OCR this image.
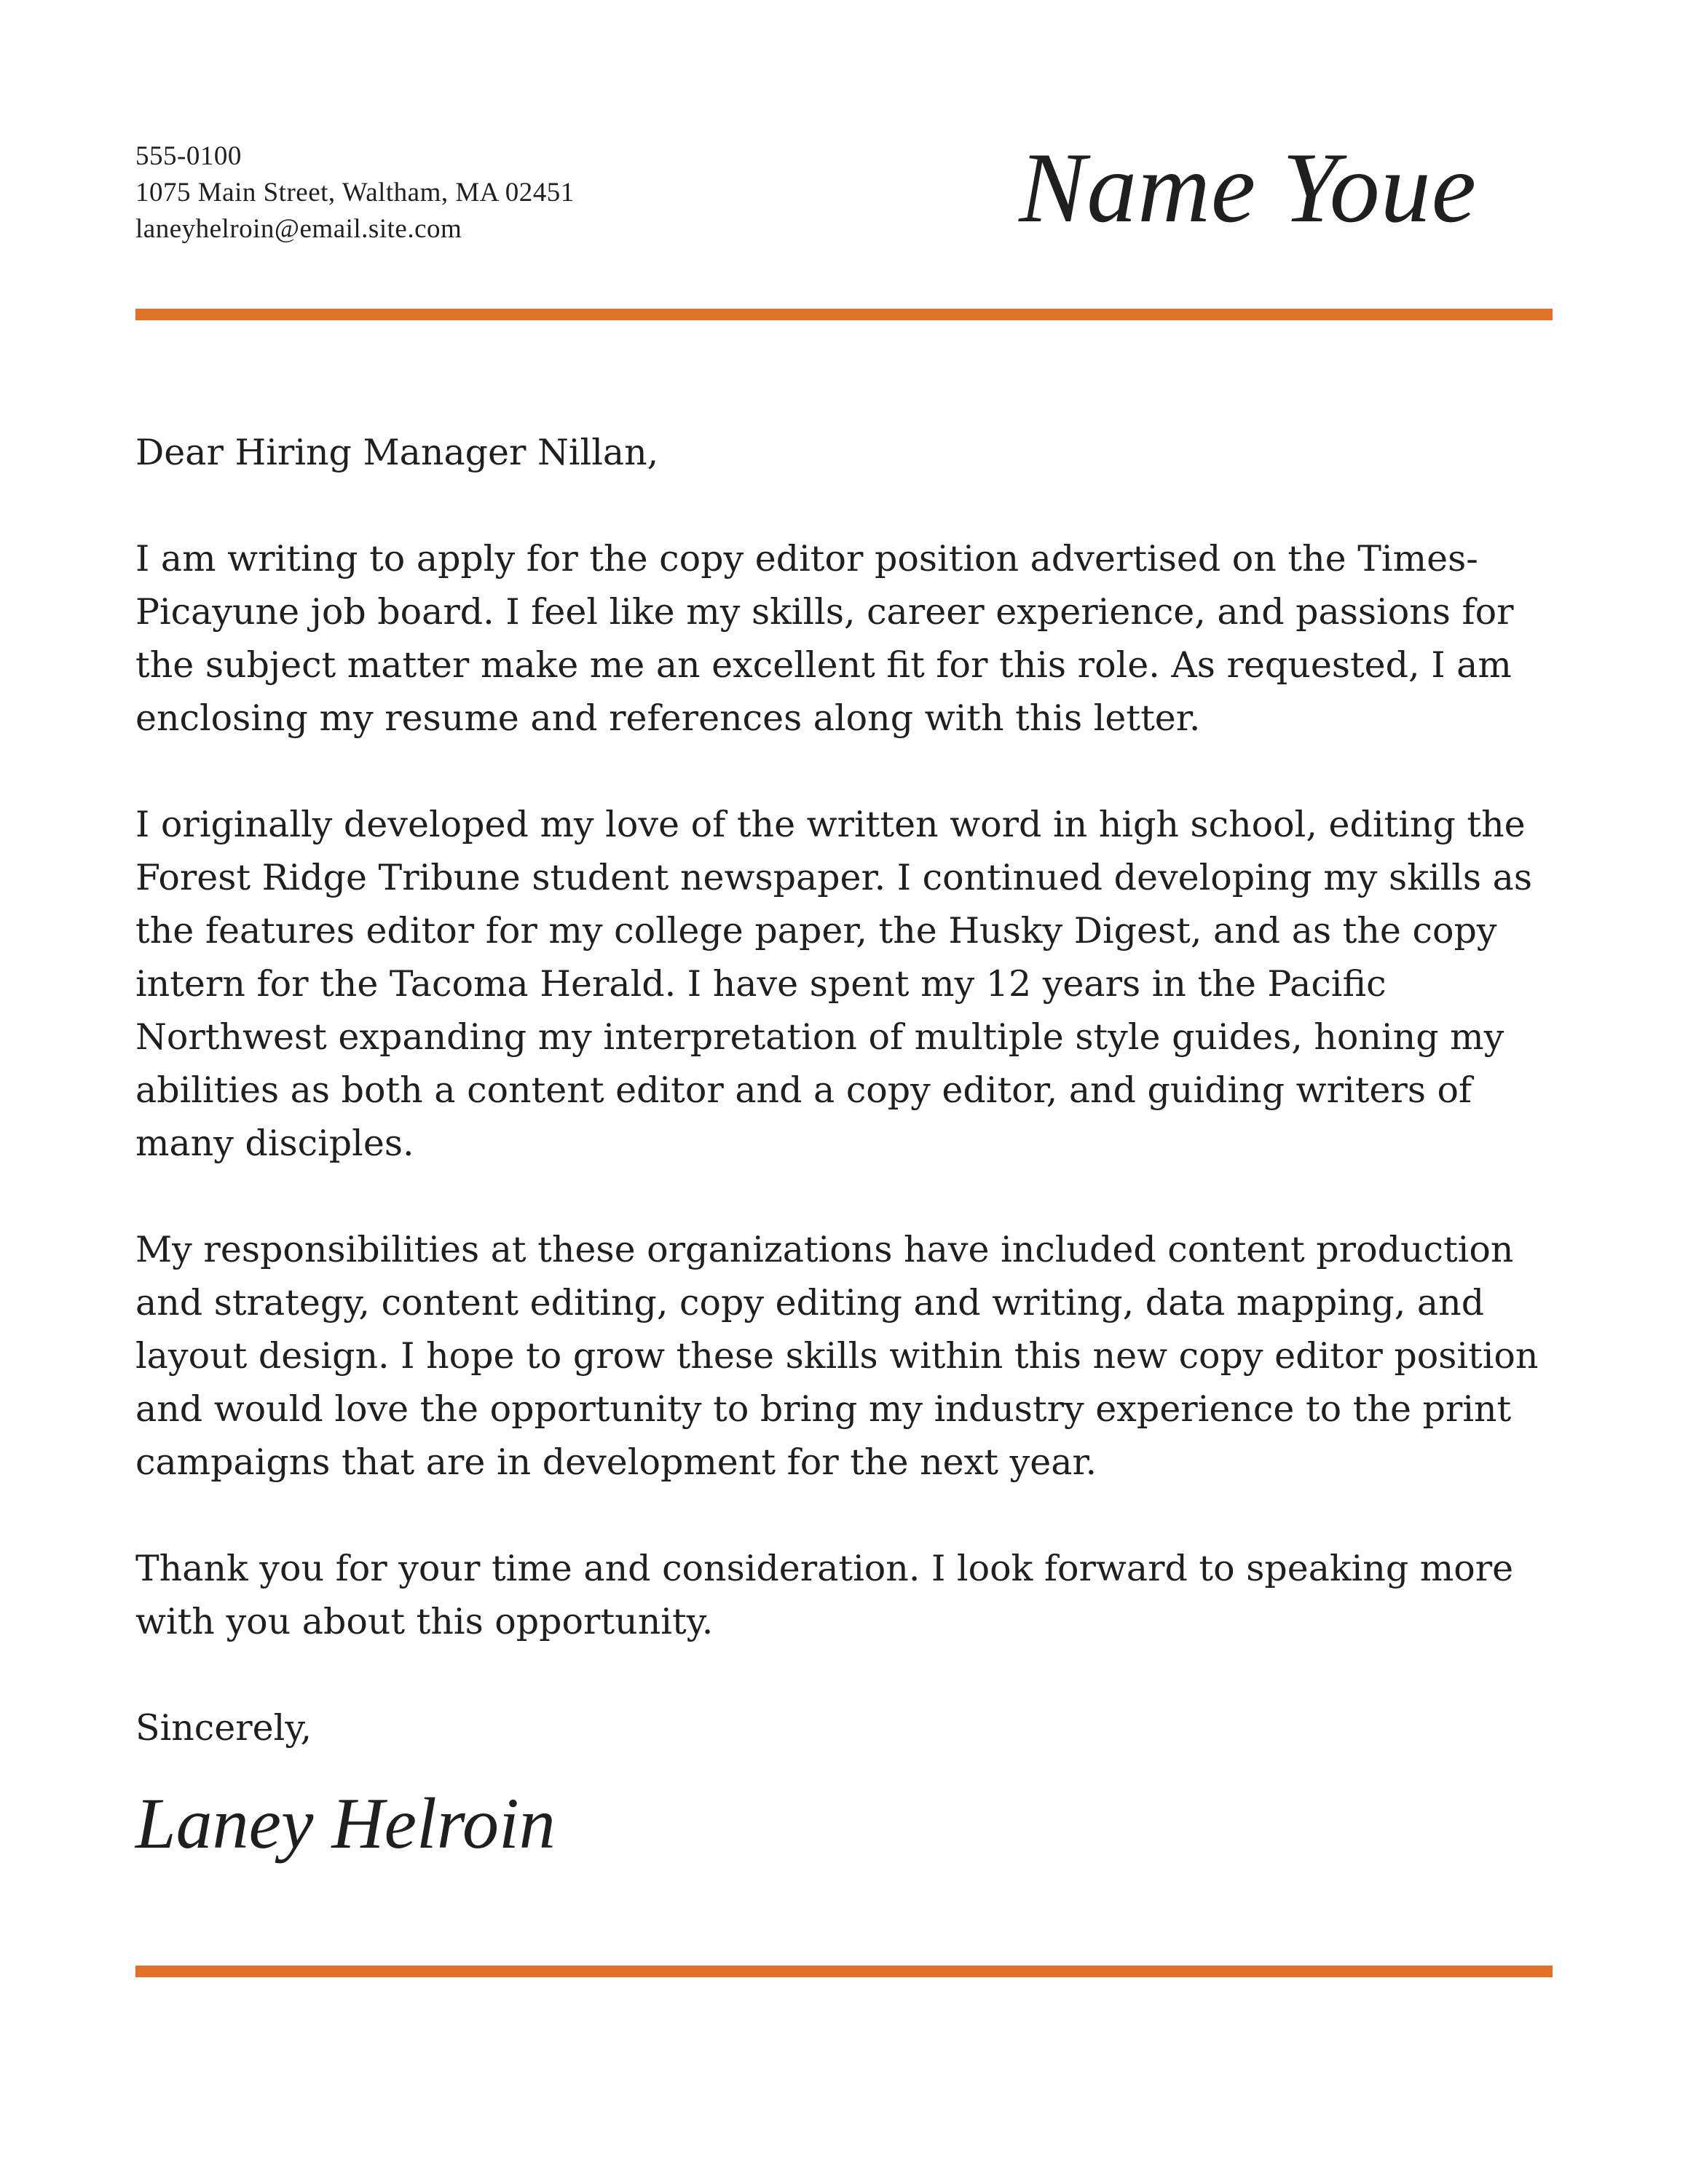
555-0100
1075 Main Street, Waltham, MA 02451
laneyhelroin@email.site.com	Name Youe

Dear Hiring Manager Nillan,

I am writing to apply for the copy editor position advertised on the Times-Picayune job board. I feel like my skills, career experience, and passions for the subject matter make me an excellent fit for this role. As requested, I am enclosing my resume and references along with this letter.

I originally developed my love of the written word in high school, editing the Forest Ridge Tribune student newspaper. I continued developing my skills as the features editor for my college paper, the Husky Digest, and as the copy intern for the Tacoma Herald. I have spent my 12 years in the Pacific Northwest expanding my interpretation of multiple style guides, honing my abilities as both a content editor and a copy editor, and guiding writers of many disciples.

My responsibilities at these organizations have included content production and strategy, content editing, copy editing and writing, data mapping, and layout design. I hope to grow these skills within this new copy editor position and would love the opportunity to bring my industry experience to the print campaigns that are in development for the next year.

Thank you for your time and consideration. I look forward to speaking more with you about this opportunity.

Sincerely,

Laney Helroin
